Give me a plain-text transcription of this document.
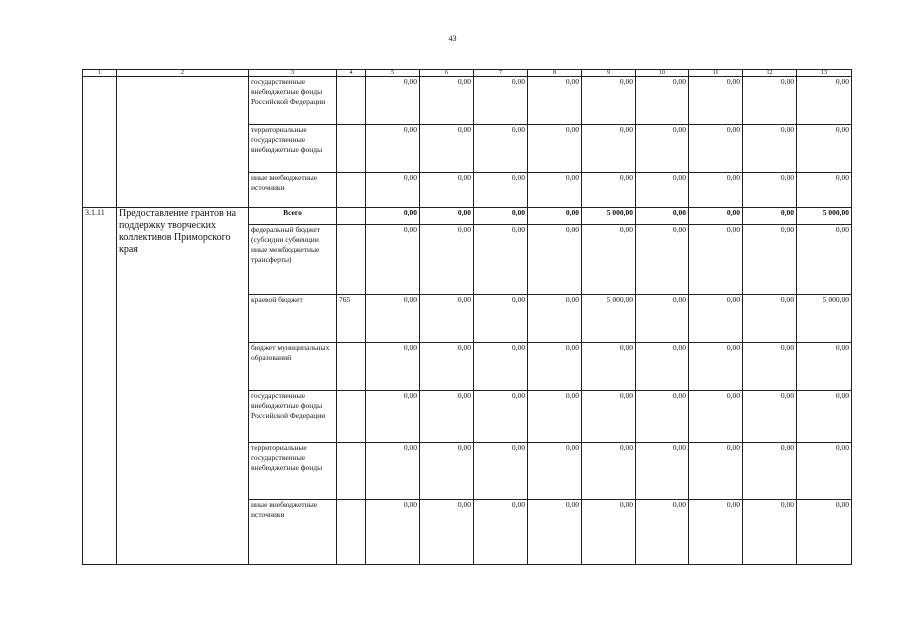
43
1	2	3	4	5	6	7	8	9	10	11	12	13
		государственные внебюджетные фонды Российской Федерации		0,00	0,00	0,00	0,00	0,00	0,00	0,00	0,00	0,00
		территориальные государственные внебюджетные фонды		0,00	0,00	0,00	0,00	0,00	0,00	0,00	0,00	0,00
		иные внебюджетные источники		0,00	0,00	0,00	0,00	0,00	0,00	0,00	0,00	0,00
3.1.11	Предоставление грантов на поддержку творческих коллективов Приморского края	Всего		0,00	0,00	0,00	0,00	5 000,00	0,00	0,00	0,00	5 000,00
		федеральный бюджет (субсидии субвенции иные межбюджетные трансферты)		0,00	0,00	0,00	0,00	0,00	0,00	0,00	0,00	0,00
		краевой бюджет	765	0,00	0,00	0,00	0,00	5 000,00	0,00	0,00	0,00	5 000,00
		бюджет муниципальных образований		0,00	0,00	0,00	0,00	0,00	0,00	0,00	0,00	0,00
		государственные внебюджетные фонды Российской Федерации		0,00	0,00	0,00	0,00	0,00	0,00	0,00	0,00	0,00
		территориальные государственные внебюджетные фонды		0,00	0,00	0,00	0,00	0,00	0,00	0,00	0,00	0,00
		иные внебюджетные источники		0,00	0,00	0,00	0,00	0,00	0,00	0,00	0,00	0,00
